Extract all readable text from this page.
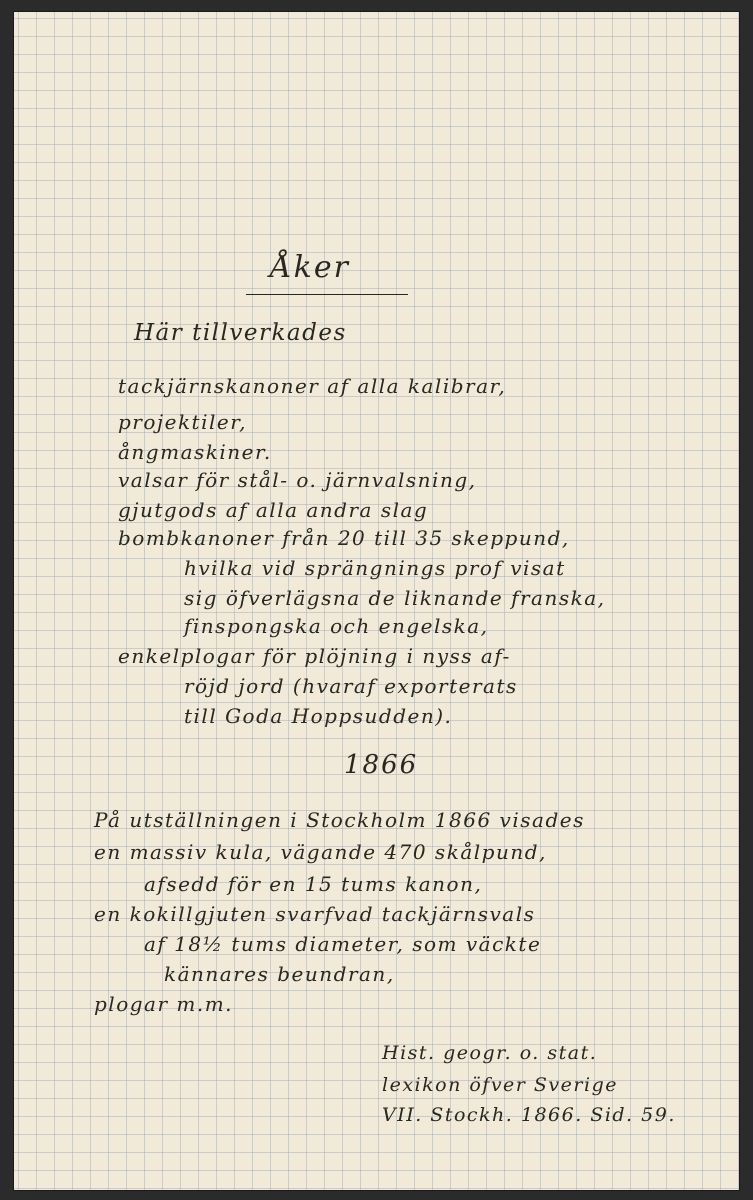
Åker
Här tillverkades
tackjärnskanoner af alla kalibrar,
projektiler,
ångmaskiner.
valsar för stål- o. järnvalsning,
gjutgods af alla andra slag
bombkanoner från 20 till 35 skeppund,
hvilka vid sprängnings prof visat
sig öfverlägsna de liknande franska,
finspongska och engelska,
enkelplogar för plöjning i nyss af-
röjd jord (hvaraf exporterats
till Goda Hoppsudden).
1866
På utställningen i Stockholm 1866 visades
en massiv kula, vägande 470 skålpund,
afsedd för en 15 tums kanon,
en kokillgjuten svarfvad tackjärnsvals
af 18½ tums diameter, som väckte
kännares beundran,
plogar m.m.
Hist. geogr. o. stat.
lexikon öfver Sverige
VII. Stockh. 1866. Sid. 59.
